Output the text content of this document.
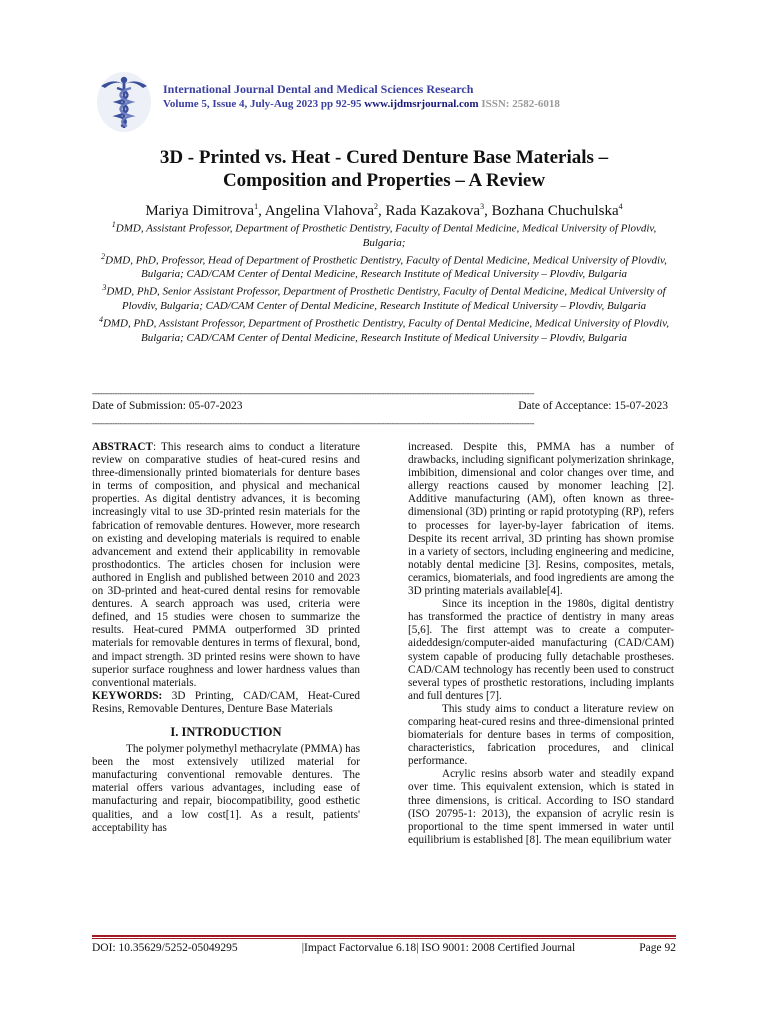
International Journal Dental and Medical Sciences Research
Volume 5, Issue 4, July-Aug 2023 pp 92-95 www.ijdmsrjournal.com ISSN: 2582-6018
3D - Printed vs. Heat - Cured Denture Base Materials –
Composition and Properties – A Review
Mariya Dimitrova$^1$, Angelina Vlahova$^2$, Rada Kazakova$^3$, Bozhana Chuchulska$^4$

$^1$DMD, Assistant Professor, Department of Prosthetic Dentistry, Faculty of Dental Medicine, Medical University of Plovdiv, Bulgaria;

$^2$DMD, PhD, Professor, Head of Department of Prosthetic Dentistry, Faculty of Dental Medicine, Medical University of Plovdiv, Bulgaria; CAD/CAM Center of Dental Medicine, Research Institute of Medical University – Plovdiv, Bulgaria

$^3$DMD, PhD, Senior Assistant Professor, Department of Prosthetic Dentistry, Faculty of Dental Medicine, Medical University of Plovdiv, Bulgaria; CAD/CAM Center of Dental Medicine, Research Institute of Medical University – Plovdiv, Bulgaria

$^4$DMD, PhD, Assistant Professor, Department of Prosthetic Dentistry, Faculty of Dental Medicine, Medical University of Plovdiv, Bulgaria; CAD/CAM Center of Dental Medicine, Research Institute of Medical University – Plovdiv, Bulgaria

---------------------------------------------------------------------------------------------------------------------------------------------------------------------------------
Date of Submission: 05-07-2023	Date of Acceptance: 15-07-2023
---------------------------------------------------------------------------------------------------------------------------------------------------------------------------------

ABSTRACT: This research aims to conduct a literature review on comparative studies of heat-cured resins and three-dimensionally printed biomaterials for denture bases in terms of composition, and physical and mechanical properties. As digital dentistry advances, it is becoming increasingly vital to use 3D-printed resin materials for the fabrication of removable dentures. However, more research on existing and developing materials is required to enable advancement and extend their applicability in removable prosthodontics. The articles chosen for inclusion were authored in English and published between 2010 and 2023 on 3D-printed and heat-cured dental resins for removable dentures. A search approach was used, criteria were defined, and 15 studies were chosen to summarize the results. Heat-cured PMMA outperformed 3D printed materials for removable dentures in terms of flexural, bond, and impact strength. 3D printed resins were shown to have superior surface roughness and lower hardness values than conventional materials.

KEYWORDS: 3D Printing, CAD/CAM, Heat-Cured Resins, Removable Dentures, Denture Base Materials

I. INTRODUCTION

The polymer polymethyl methacrylate (PMMA) has been the most extensively utilized material for manufacturing conventional removable dentures. The material offers various advantages, including ease of manufacturing and repair, biocompatibility, good esthetic qualities, and a low cost[1]. As a result, patients' acceptability has

increased. Despite this, PMMA has a number of drawbacks, including significant polymerization shrinkage, imbibition, dimensional and color changes over time, and allergy reactions caused by monomer leaching [2]. Additive manufacturing (AM), often known as three-dimensional (3D) printing or rapid prototyping (RP), refers to processes for layer-by-layer fabrication of items. Despite its recent arrival, 3D printing has shown promise in a variety of sectors, including engineering and medicine, notably dental medicine [3]. Resins, composites, metals, ceramics, biomaterials, and food ingredients are among the 3D printing materials available[4].

Since its inception in the 1980s, digital dentistry has transformed the practice of dentistry in many areas [5,6]. The first attempt was to create a computer-aideddesign/computer-aided manufacturing (CAD/CAM) system capable of producing fully detachable prostheses. CAD/CAM technology has recently been used to construct several types of prosthetic restorations, including implants and full dentures [7].

This study aims to conduct a literature review on comparing heat-cured resins and three-dimensional printed biomaterials for denture bases in terms of composition, characteristics, fabrication procedures, and clinical performance.

Acrylic resins absorb water and steadily expand over time. This equivalent extension, which is stated in three dimensions, is critical. According to ISO standard (ISO 20795-1: 2013), the expansion of acrylic resin is proportional to the time spent immersed in water until equilibrium is established [8]. The mean equilibrium water

DOI: 10.35629/5252-05049295	|Impact Factorvalue 6.18| ISO 9001: 2008 Certified Journal	Page 92
